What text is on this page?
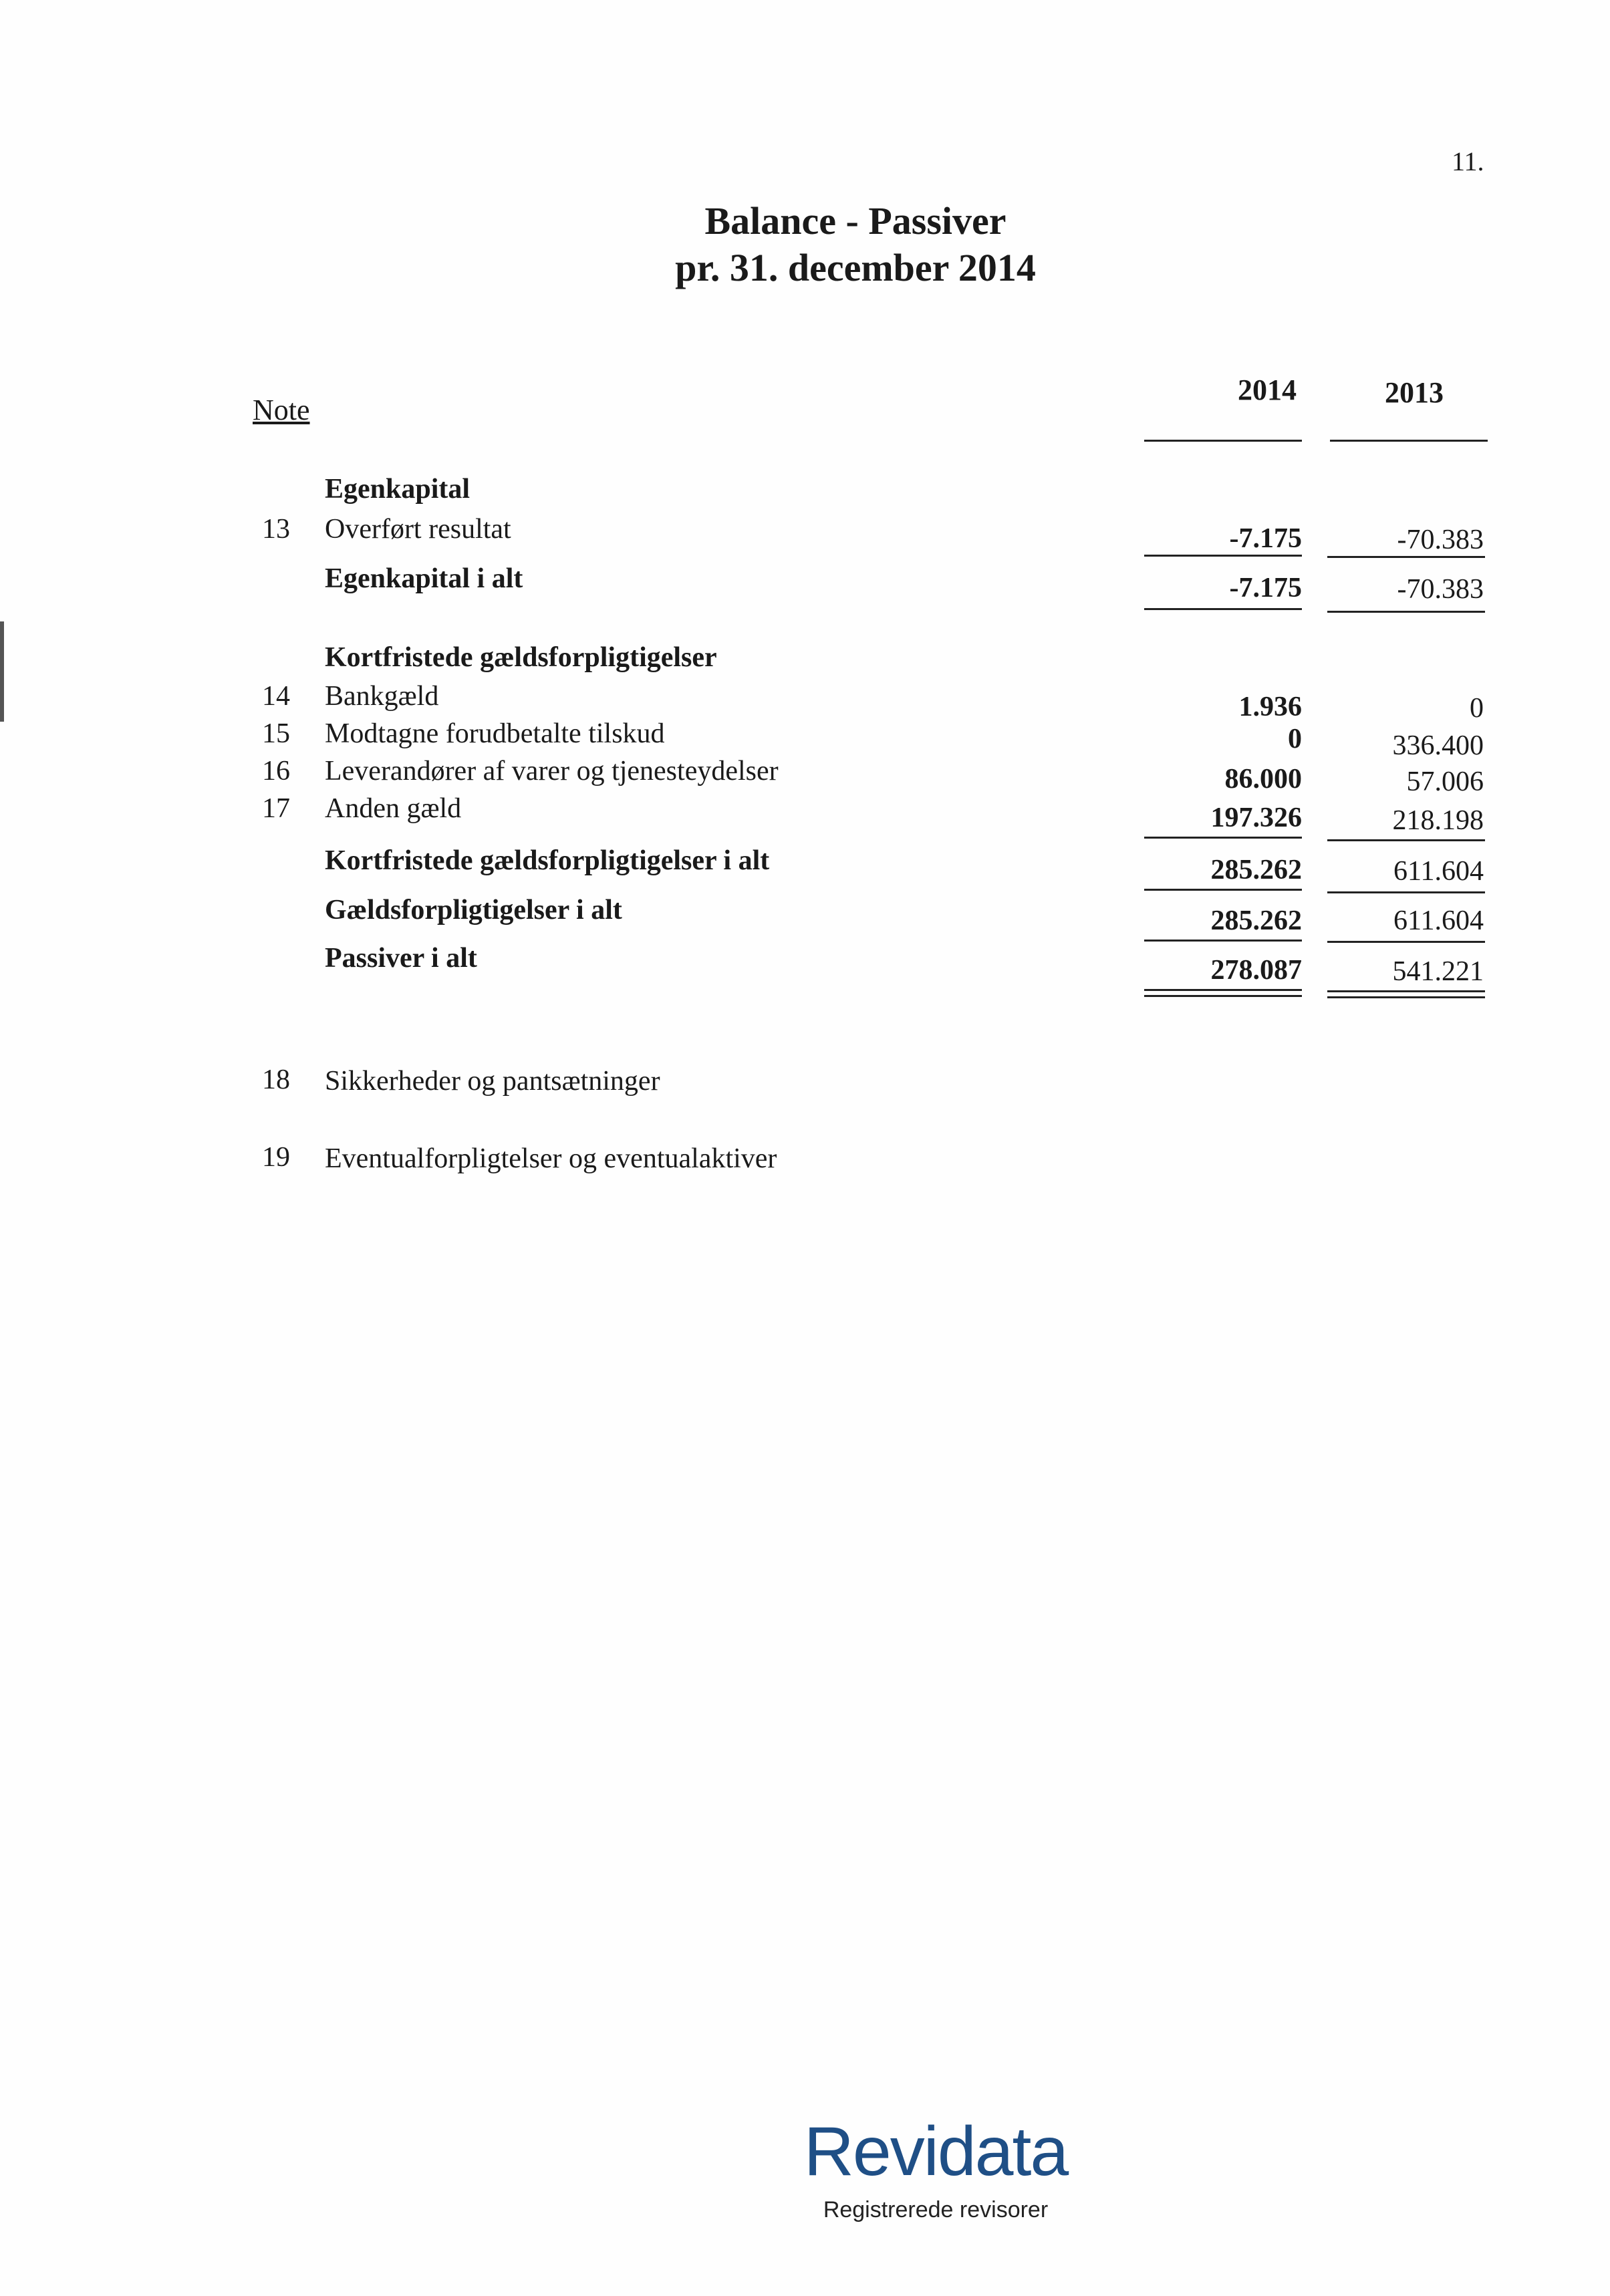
11.
Balance - Passiver
pr. 31. december 2014
Note
2014	2013
Egenkapital
13 Overført resultat	-7.175	-70.383
Egenkapital i alt	-7.175	-70.383
Kortfristede gældsforpligtigelser
14 Bankgæld	1.936	0
15 Modtagne forudbetalte tilskud	0	336.400
16 Leverandører af varer og tjenesteydelser	86.000	57.006
17 Anden gæld	197.326	218.198
Kortfristede gældsforpligtigelser i alt	285.262	611.604
Gældsforpligtigelser i alt	285.262	611.604
Passiver i alt	278.087	541.221
18 Sikkerheder og pantsætninger
19 Eventualforpligtelser og eventualaktiver
Revidata
Registrerede revisorer
